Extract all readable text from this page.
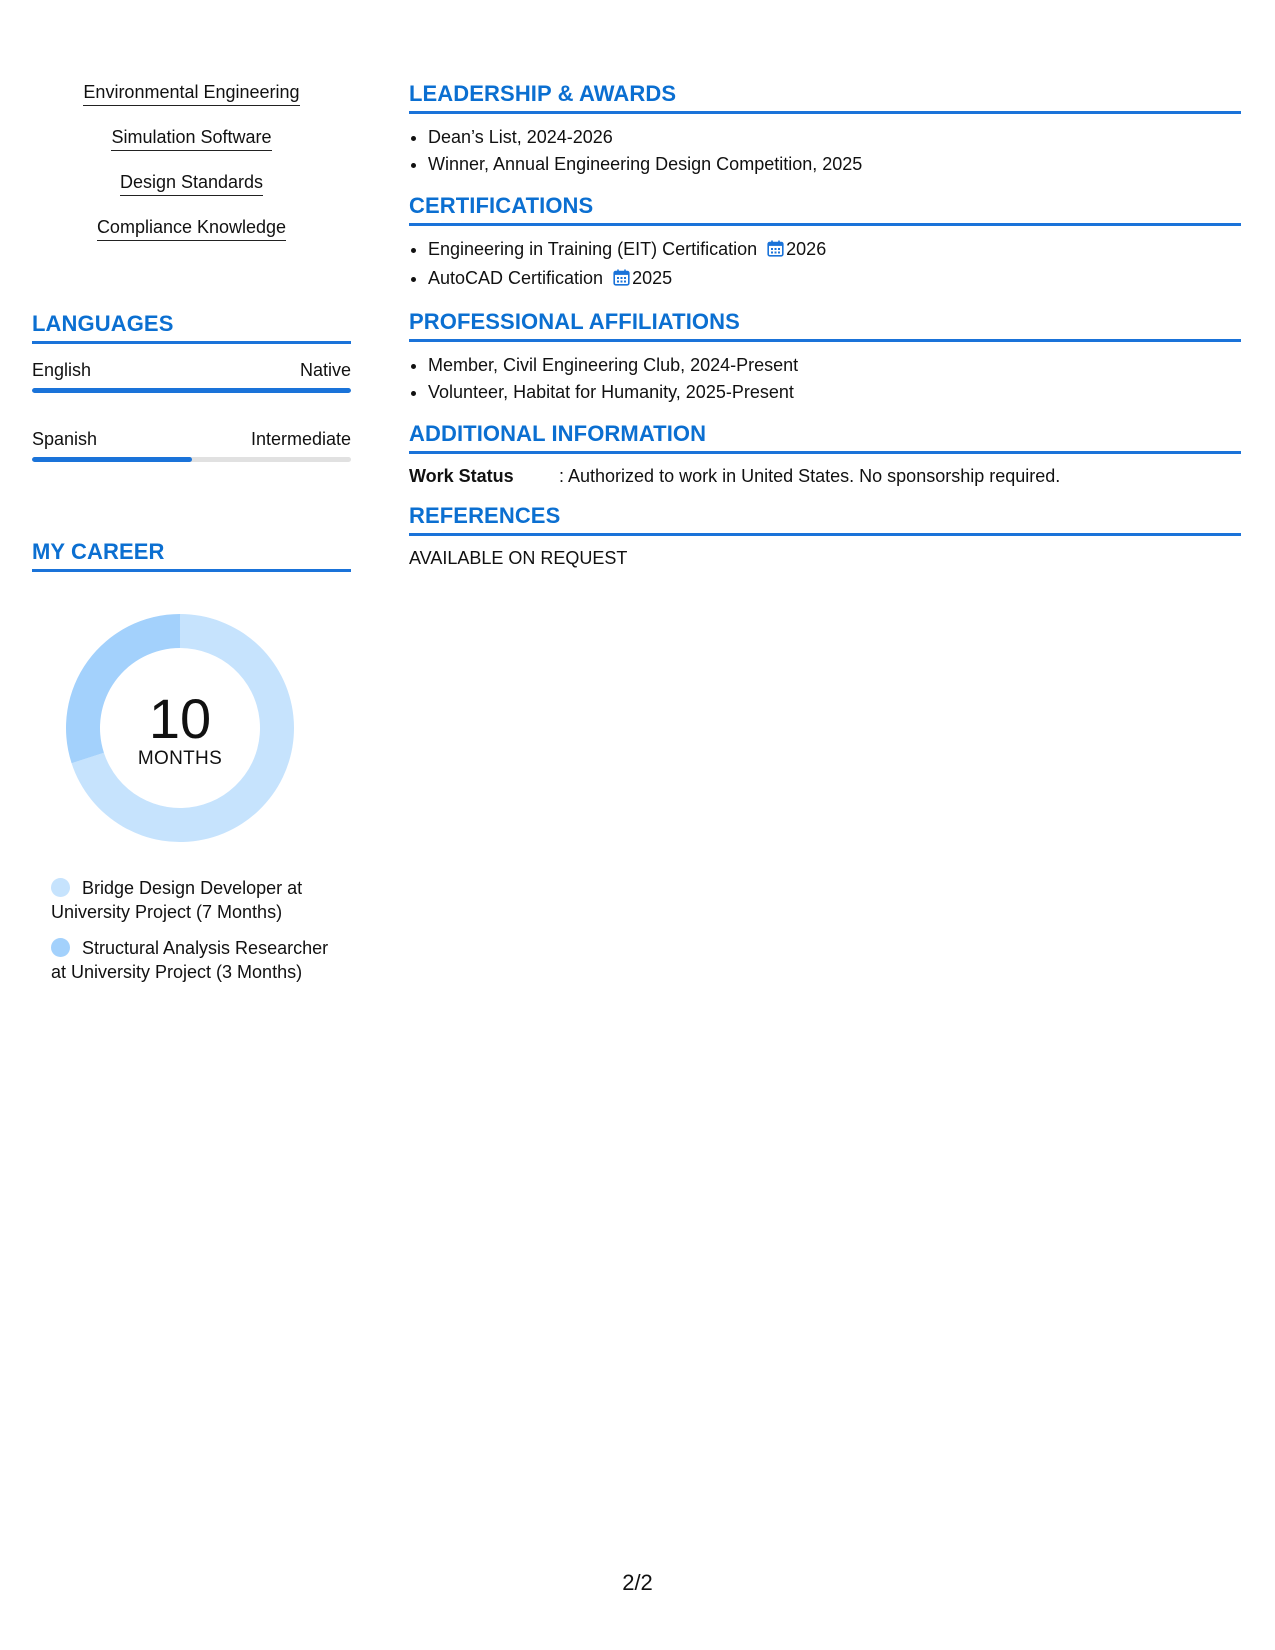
Environmental Engineering
Simulation Software
Design Standards
Compliance Knowledge
LANGUAGES
English	Native
Spanish	Intermediate
MY CAREER
10
MONTHS
Bridge Design Developer at University Project (7 Months)
Structural Analysis Researcher at University Project (3 Months)
LEADERSHIP & AWARDS
• Dean’s List, 2024-2026
• Winner, Annual Engineering Design Competition, 2025
CERTIFICATIONS
• Engineering in Training (EIT) Certification 2026
• AutoCAD Certification 2025
PROFESSIONAL AFFILIATIONS
• Member, Civil Engineering Club, 2024-Present
• Volunteer, Habitat for Humanity, 2025-Present
ADDITIONAL INFORMATION
Work Status	: Authorized to work in United States. No sponsorship required.
REFERENCES
AVAILABLE ON REQUEST
2/2
